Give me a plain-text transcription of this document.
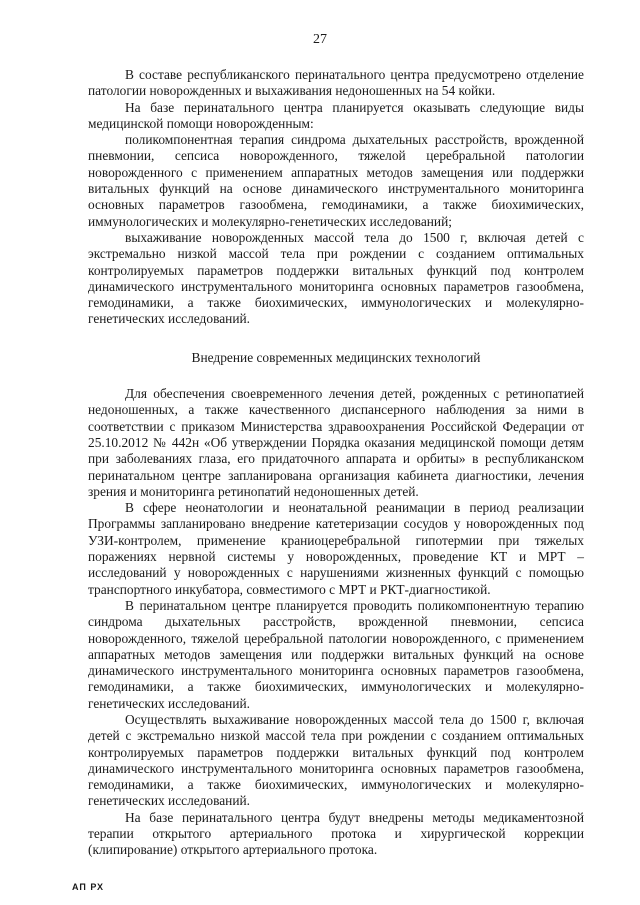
27

В составе республиканского перинатального центра предусмотрено отделение патологии новорожденных и выхаживания недоношенных на 54 койки.

На базе перинатального центра планируется оказывать следующие виды медицинской помощи новорожденным:

поликомпонентная терапия синдрома дыхательных расстройств, врожденной пневмонии, сепсиса новорожденного, тяжелой церебральной патологии новорожденного с применением аппаратных методов замещения или поддержки витальных функций на основе динамического инструментального мониторинга основных параметров газообмена, гемодинамики, а также биохимических, иммунологических и молекулярно-генетических исследований;

выхаживание новорожденных массой тела до 1500 г, включая детей с экстремально низкой массой тела при рождении с созданием оптимальных контролируемых параметров поддержки витальных функций под контролем динамического инструментального мониторинга основных параметров газообмена, гемодинамики, а также биохимических, иммунологических и молекулярно-генетических исследований.

Внедрение современных медицинских технологий

Для обеспечения своевременного лечения детей, рожденных с ретинопатией недоношенных, а также качественного диспансерного наблюдения за ними в соответствии с приказом Министерства здравоохранения Российской Федерации от 25.10.2012 № 442н «Об утверждении Порядка оказания медицинской помощи детям при заболеваниях глаза, его придаточного аппарата и орбиты» в республиканском перинатальном центре запланирована организация кабинета диагностики, лечения зрения и мониторинга ретинопатий недоношенных детей.

В сфере неонатологии и неонатальной реанимации в период реализации Программы запланировано внедрение катетеризации сосудов у новорожденных под УЗИ-контролем, применение краниоцеребральной гипотермии при тяжелых поражениях нервной системы у новорожденных, проведение КТ и МРТ – исследований у новорожденных с нарушениями жизненных функций с помощью транспортного инкубатора, совместимого с МРТ и РКТ-диагностикой.

В перинатальном центре планируется проводить поликомпонентную терапию синдрома дыхательных расстройств, врожденной пневмонии, сепсиса новорожденного, тяжелой церебральной патологии новорожденного, с применением аппаратных методов замещения или поддержки витальных функций на основе динамического инструментального мониторинга основных параметров газообмена, гемодинамики, а также биохимических, иммунологических и молекулярно-генетических исследований.

Осуществлять выхаживание новорожденных массой тела до 1500 г, включая детей с экстремально низкой массой тела при рождении с созданием оптимальных контролируемых параметров поддержки витальных функций под контролем динамического инструментального мониторинга основных параметров газообмена, гемодинамики, а также биохимических, иммунологических и молекулярно-генетических исследований.

На базе перинатального центра будут внедрены методы медикаментозной терапии открытого артериального протока и хирургической коррекции (клипирование) открытого артериального протока.

АП РХ
